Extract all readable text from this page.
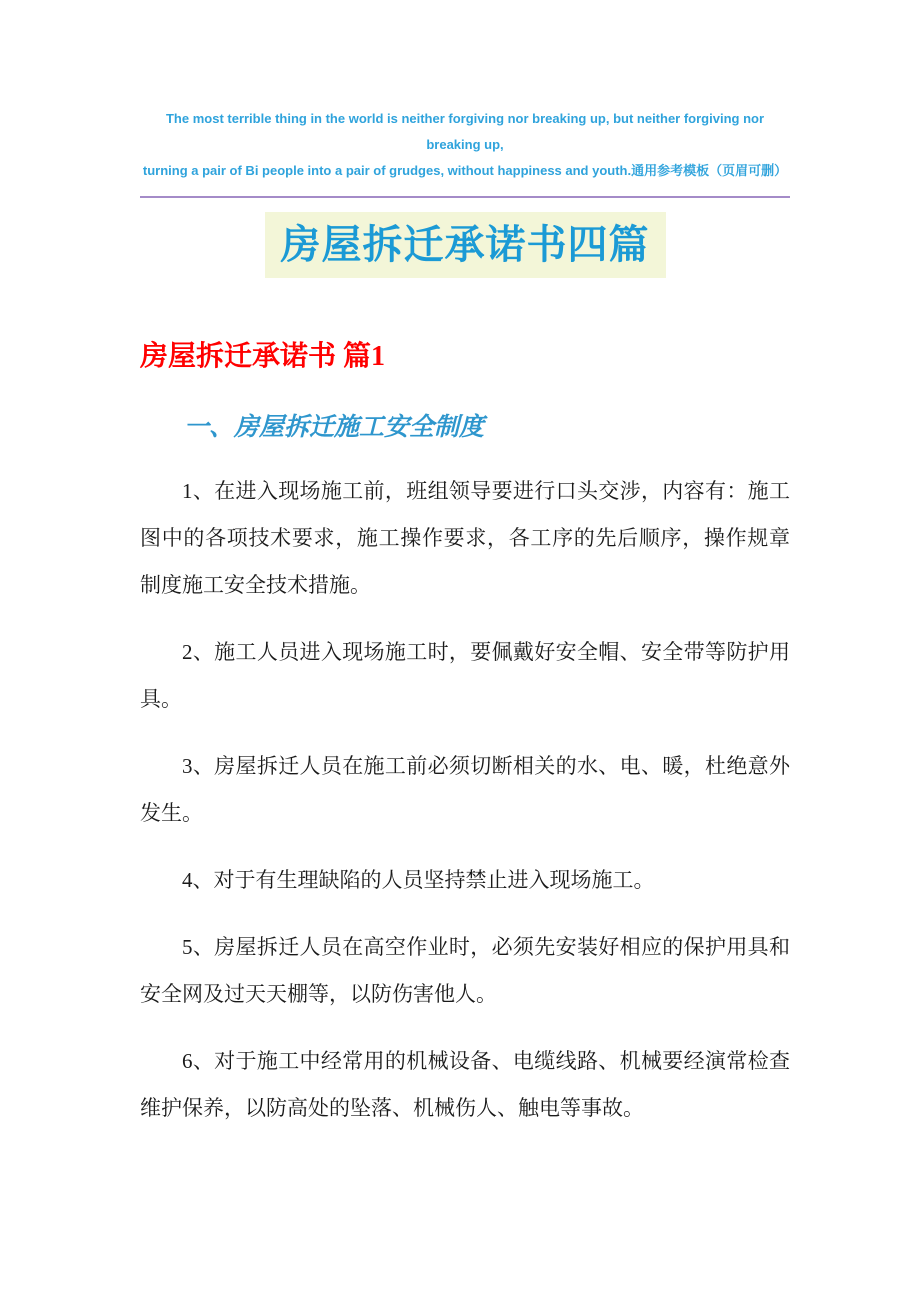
The most terrible thing in the world is neither forgiving nor breaking up, but neither forgiving nor breaking up,
turning a pair of Bi people into a pair of grudges, without happiness and youth.通用参考模板（页眉可删）
房屋拆迁承诺书四篇
房屋拆迁承诺书 篇1
一、房屋拆迁施工安全制度

1、在进入现场施工前，班组领导要进行口头交涉，内容有：施工图中的各项技术要求，施工操作要求，各工序的先后顺序，操作规章制度施工安全技术措施。

2、施工人员进入现场施工时，要佩戴好安全帽、安全带等防护用具。

3、房屋拆迁人员在施工前必须切断相关的水、电、暖，杜绝意外发生。

4、对于有生理缺陷的人员坚持禁止进入现场施工。

5、房屋拆迁人员在高空作业时，必须先安装好相应的保护用具和安全网及过天天棚等，以防伤害他人。

6、对于施工中经常用的机械设备、电缆线路、机械要经演常检查维护保养，以防高处的坠落、机械伤人、触电等事故。
